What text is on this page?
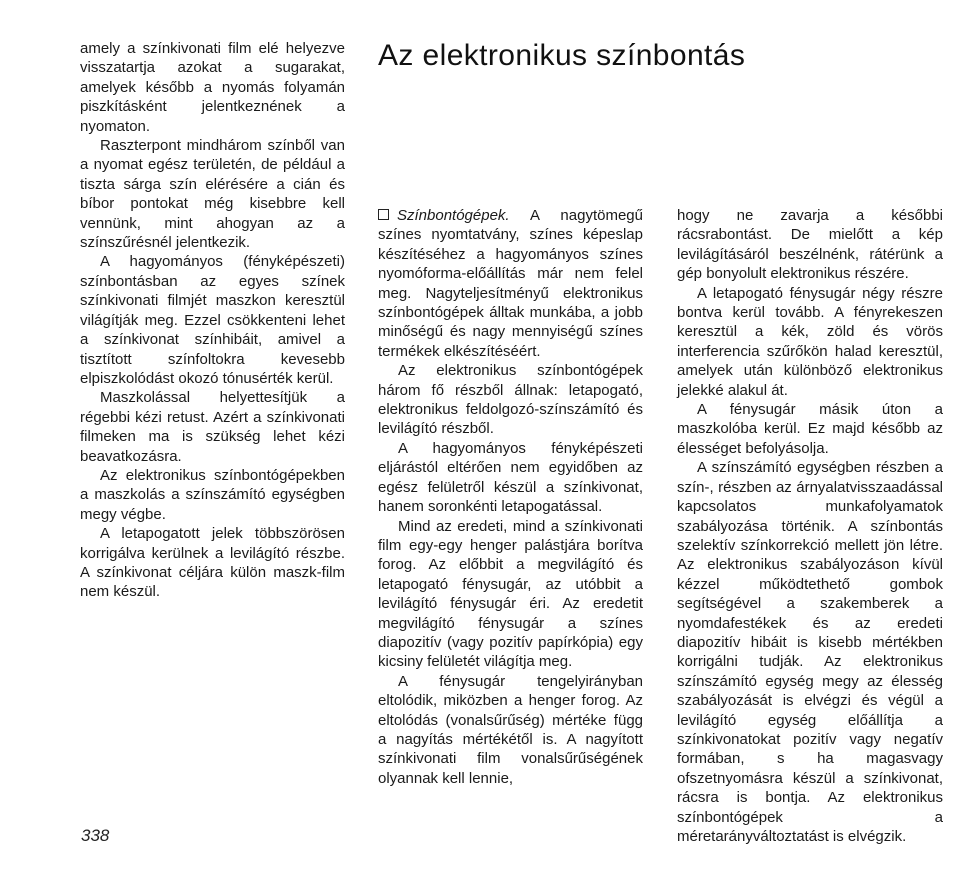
Az elektronikus színbontás

amely a színkivonati film elé helyezve visszatartja azokat a sugarakat, amelyek később a nyomás folyamán piszkításként jelentkeznének a nyomaton.

Raszterpont mindhárom színből van a nyomat egész területén, de például a tiszta sárga szín elérésére a cián és bíbor pontokat még kisebbre kell vennünk, mint ahogyan az a színszűrésnél jelentkezik.

A hagyományos (fényképészeti) színbontásban az egyes színek színkivonati filmjét maszkon keresztül világítják meg. Ezzel csökkenteni lehet a színkivonat színhibáit, amivel a tisztított színfoltokra kevesebb elpiszkolódást okozó tónusérték kerül.

Maszkolással helyettesítjük a régebbi kézi retust. Azért a színkivonati filmeken ma is szükség lehet kézi beavatkozásra.

Az elektronikus színbontógépekben a maszkolás a színszámító egységben megy végbe.

A letapogatott jelek többszörösen korrigálva kerülnek a levilágító részbe. A színkivonat céljára külön maszk-film nem készül.

Színbontógépek. A nagytömegű színes nyomtatvány, színes képeslap készítéséhez a hagyományos színes nyomóforma-előállítás már nem felel meg. Nagyteljesítményű elektronikus színbontógépek álltak munkába, a jobb minőségű és nagy mennyiségű színes termékek elkészítéséért.

Az elektronikus színbontógépek három fő részből állnak: letapogató, elektronikus feldolgozó-színszámító és levilágító részből.

A hagyományos fényképészeti eljárástól eltérően nem egyidőben az egész felületről készül a színkivonat, hanem soronkénti letapogatással.

Mind az eredeti, mind a színkivonati film egy-egy henger palástjára borítva forog. Az előbbit a megvilágító és letapogató fénysugár, az utóbbit a levilágító fénysugár éri. Az eredetit megvilágító fénysugár a színes diapozitív (vagy pozitív papírkópia) egy kicsiny felületét világítja meg.

A fénysugár tengelyirányban eltolódik, miközben a henger forog. Az eltolódás (vonalsűrűség) mértéke függ a nagyítás mértékétől is. A nagyított színkivonati film vonalsűrűségének olyannak kell lennie,

hogy ne zavarja a későbbi rácsrabontást. De mielőtt a kép levilágításáról beszélnénk, rátérünk a gép bonyolult elektronikus részére.

A letapogató fénysugár négy részre bontva kerül tovább. A fényrekeszen keresztül a kék, zöld és vörös interferencia szűrőkön halad keresztül, amelyek után különböző elektronikus jelekké alakul át.

A fénysugár másik úton a maszkolóba kerül. Ez majd később az élességet befolyásolja.

A színszámító egységben részben a szín-, részben az árnyalatvisszaadással kapcsolatos munkafolyamatok szabályozása történik. A színbontás szelektív színkorrekció mellett jön létre. Az elektronikus szabályozáson kívül kézzel működtethető gombok segítségével a szakemberek a nyomdafestékek és az eredeti diapozitív hibáit is kisebb mértékben korrigálni tudják. Az elektronikus színszámító egység megy az élesség szabályozását is elvégzi és végül a levilágító egység előállítja a színkivonatokat pozitív vagy negatív formában, s ha magasvagy ofszetnyomásra készül a színkivonat, rácsra is bontja. Az elektronikus színbontógépek a méretarányváltoztatást is elvégzik.

338
